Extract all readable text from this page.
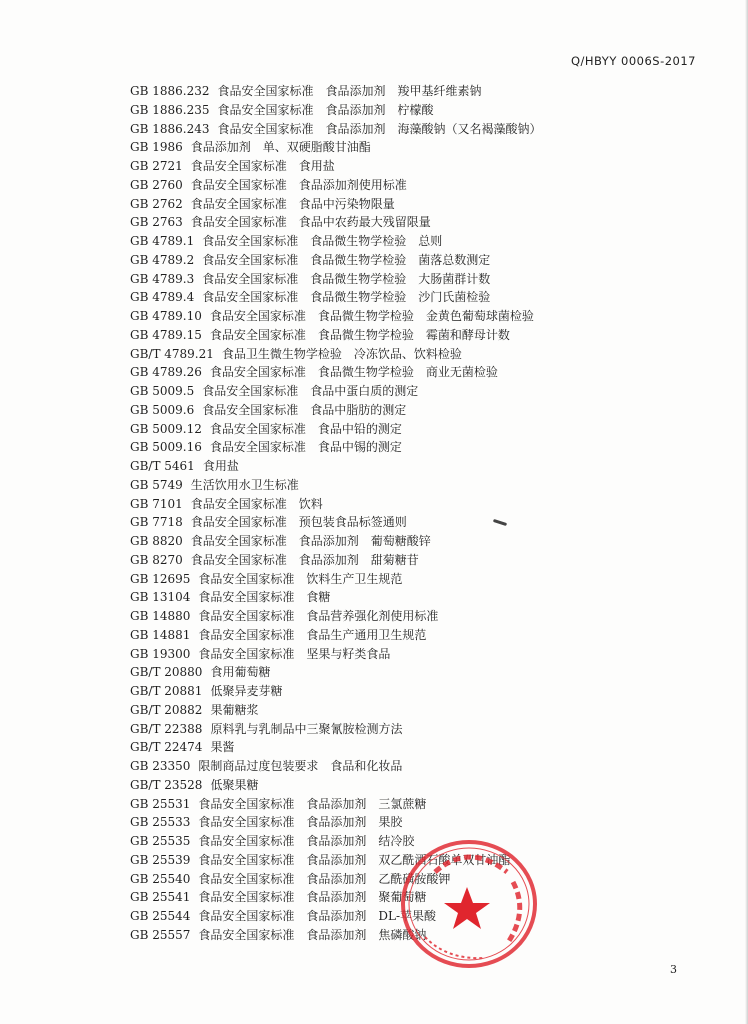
Q/HBYY 0006S-2017
GB 1886.232 食品安全国家标准　食品添加剂　羧甲基纤维素钠
GB 1886.235 食品安全国家标准　食品添加剂　柠檬酸
GB 1886.243 食品安全国家标准　食品添加剂　海藻酸钠（又名褐藻酸钠）
GB 1986 食品添加剂　单、双硬脂酸甘油酯
GB 2721 食品安全国家标准　食用盐
GB 2760 食品安全国家标准　食品添加剂使用标准
GB 2762 食品安全国家标准　食品中污染物限量
GB 2763 食品安全国家标准　食品中农药最大残留限量
GB 4789.1 食品安全国家标准　食品微生物学检验　总则
GB 4789.2 食品安全国家标准　食品微生物学检验　菌落总数测定
GB 4789.3 食品安全国家标准　食品微生物学检验　大肠菌群计数
GB 4789.4 食品安全国家标准　食品微生物学检验　沙门氏菌检验
GB 4789.10 食品安全国家标准　食品微生物学检验　金黄色葡萄球菌检验
GB 4789.15 食品安全国家标准　食品微生物学检验　霉菌和酵母计数
GB/T 4789.21 食品卫生微生物学检验　冷冻饮品、饮料检验
GB 4789.26 食品安全国家标准　食品微生物学检验　商业无菌检验
GB 5009.5 食品安全国家标准　食品中蛋白质的测定
GB 5009.6 食品安全国家标准　食品中脂肪的测定
GB 5009.12 食品安全国家标准　食品中铅的测定
GB 5009.16 食品安全国家标准　食品中锡的测定
GB/T 5461 食用盐
GB 5749 生活饮用水卫生标准
GB 7101 食品安全国家标准　饮料
GB 7718 食品安全国家标准　预包装食品标签通则
GB 8820 食品安全国家标准　食品添加剂　葡萄糖酸锌
GB 8270 食品安全国家标准　食品添加剂　甜菊糖苷
GB 12695 食品安全国家标准　饮料生产卫生规范
GB 13104 食品安全国家标准　食糖
GB 14880 食品安全国家标准　食品营养强化剂使用标准
GB 14881 食品安全国家标准　食品生产通用卫生规范
GB 19300 食品安全国家标准　坚果与籽类食品
GB/T 20880 食用葡萄糖
GB/T 20881 低聚异麦芽糖
GB/T 20882 果葡糖浆
GB/T 22388 原料乳与乳制品中三聚氰胺检测方法
GB/T 22474 果酱
GB 23350 限制商品过度包装要求　食品和化妆品
GB/T 23528 低聚果糖
GB 25531 食品安全国家标准　食品添加剂　三氯蔗糖
GB 25533 食品安全国家标准　食品添加剂　果胶
GB 25535 食品安全国家标准　食品添加剂　结冷胶
GB 25539 食品安全国家标准　食品添加剂　双乙酰酒石酸单双甘油酯
GB 25540 食品安全国家标准　食品添加剂　乙酰磺胺酸钾
GB 25541 食品安全国家标准　食品添加剂　聚葡萄糖
GB 25544 食品安全国家标准　食品添加剂　DL-苹果酸
GB 25557 食品安全国家标准　食品添加剂　焦磷酸钠
3
